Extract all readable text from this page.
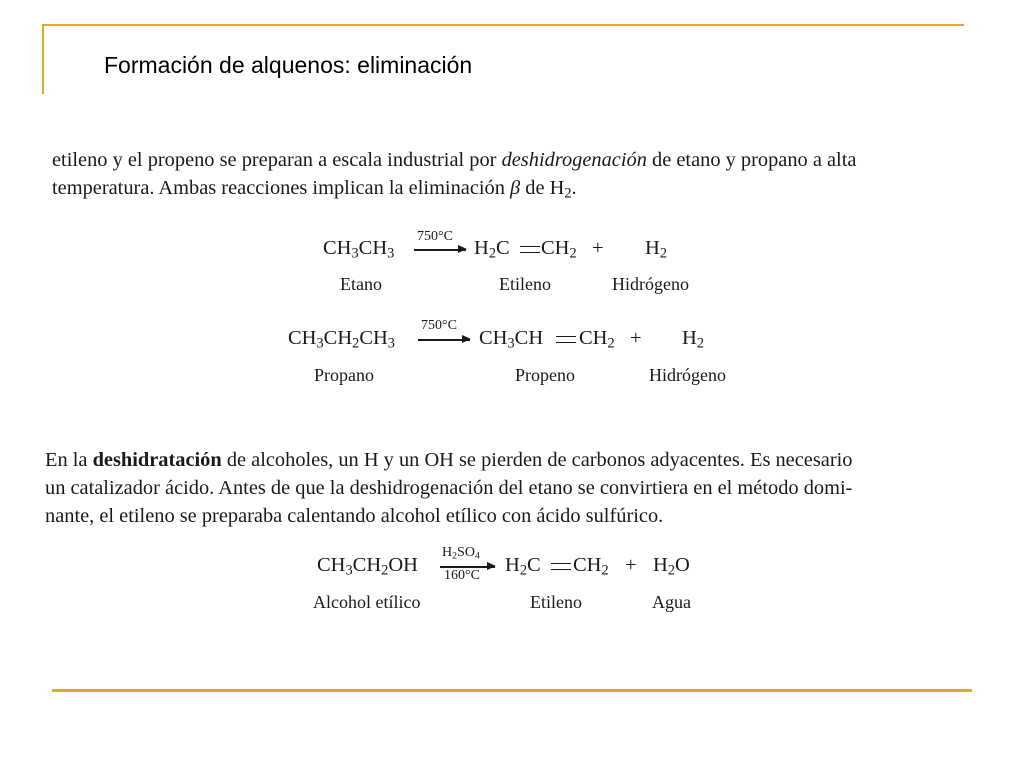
Formación de alquenos: eliminación

etileno y el propeno se preparan a escala industrial por deshidrogenación de etano y propano a alta
temperatura. Ambas reacciones implican la eliminación β de $H_2$.

$CH_3CH_3$
750°C
→ $H_2C$ $CH_2 + H_2$
Etano	Etileno	Hidrógeno
$CH_3CH_2CH_3$
750°C
→ $CH_3CH$ $CH_2 + H_2$
Propano	Propeno	Hidrógeno

En la deshidratación de alcoholes, un H y un OH se pierden de carbonos adyacentes. Es necesario
un catalizador ácido. Antes de que la deshidrogenación del etano se convirtiera en el método domi-
nante, el etileno se preparaba calentando alcohol etílico con ácido sulfúrico.

$CH_3CH_2OH$
$H_2SO_4$
160°C $H_2C$ $CH_2 + H_2O$
Alcohol etílico	Etileno	Agua
